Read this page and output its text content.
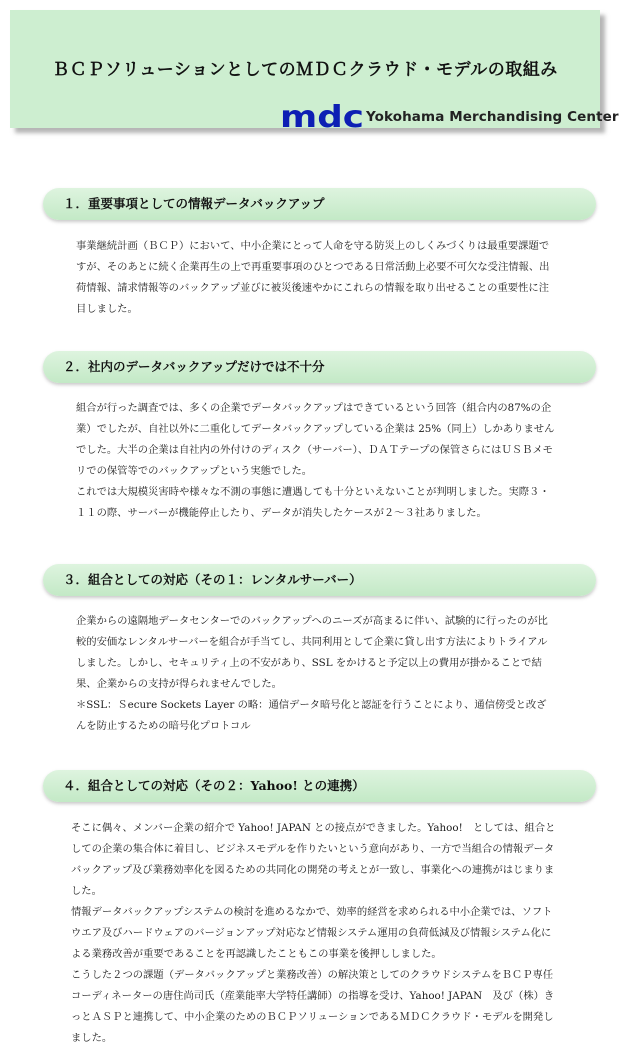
ＢＣＰソリューションとしてのＭＤＣクラウド・モデルの取組み
mdc Yokohama Merchandising Center
１．重要事項としての情報データバックアップ

事業継続計画（ＢＣＰ）において、中小企業にとって人命を守る防災上のしくみづくりは最重要課題ですが、そのあとに続く企業再生の上で再重要事項のひとつである日常活動上必要不可欠な受注情報、出荷情報、請求情報等のバックアップ並びに被災後速やかにこれらの情報を取り出せることの重要性に注目しました。

２．社内のデータバックアップだけでは不十分

組合が行った調査では、多くの企業でデータバックアップはできているという回答（組合内の87%の企業）でしたが、自社以外に二重化してデータバックアップしている企業は 25%（同上）しかありませんでした。大半の企業は自社内の外付けのディスク（サーバー）、ＤＡＴテープの保管さらにはＵＳＢメモリでの保管等でのバックアップという実態でした。

これでは大規模災害時や様々な不測の事態に遭遇しても十分といえないことが判明しました。実際３・１１の際、サーバーが機能停止したり、データが消失したケースが２～３社ありました。

３．組合としての対応（その１：レンタルサーバー）

企業からの遠隔地データセンターでのバックアップへのニーズが高まるに伴い、試験的に行ったのが比較的安価なレンタルサーバーを組合が手当てし、共同利用として企業に貸し出す方法によりトライアルしました。しかし、セキュリティ上の不安があり、SSL をかけると予定以上の費用が掛かることで結果、企業からの支持が得られませんでした。

＊SSL：Ｓecure Sockets Layer の略：通信データ暗号化と認証を行うことにより、通信傍受と改ざんを防止するための暗号化プロトコル

４．組合としての対応（その２：Yahoo! との連携）

そこに偶々、メンバー企業の紹介で Yahoo! JAPAN との接点ができました。Yahoo!　としては、組合としての企業の集合体に着目し、ビジネスモデルを作りたいという意向があり、一方で当組合の情報データバックアップ及び業務効率化を図るための共同化の開発の考えとが一致し、事業化への連携がはじまりました。

情報データバックアップシステムの検討を進めるなかで、効率的経営を求められる中小企業では、ソフトウエア及びハードウェアのバージョンアップ対応など情報システム運用の負荷低減及び情報システム化による業務改善が重要であることを再認識したこともこの事業を後押ししました。

こうした２つの課題（データバックアップと業務改善）の解決策としてのクラウドシステムをＢＣＰ専任コーディネーターの唐住尚司氏（産業能率大学特任講師）の指導を受け、Yahoo! JAPAN　及び（株）きっとＡＳＰと連携して、中小企業のためのＢＣＰソリューションであるＭＤＣクラウド・モデルを開発しました。
